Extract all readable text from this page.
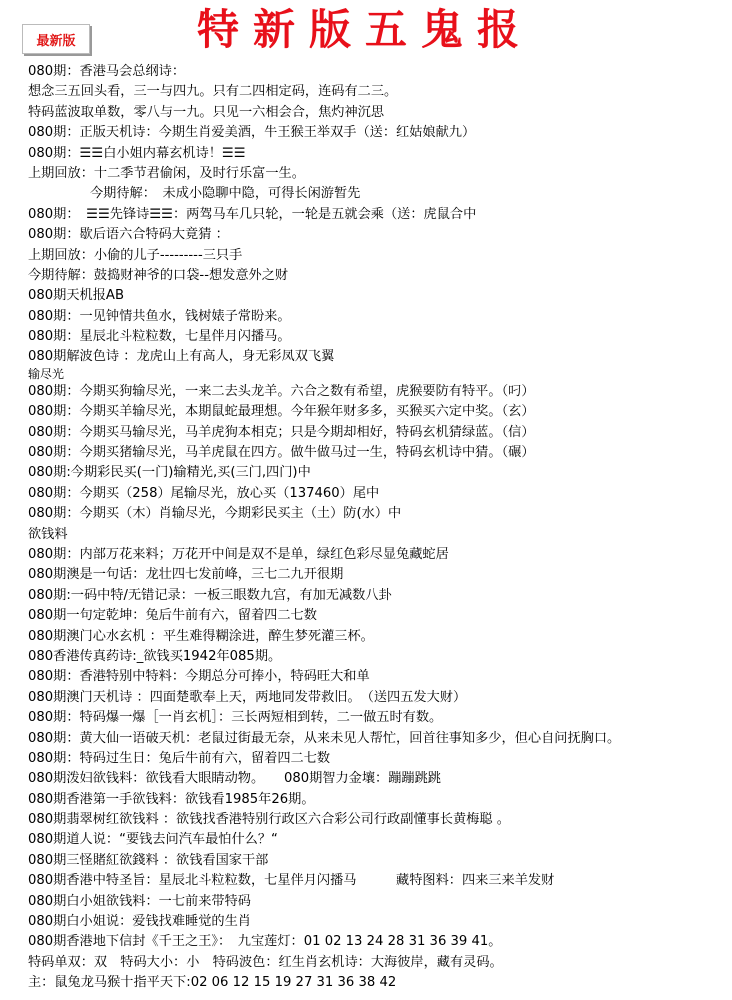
最新版	特新版五鬼报
080期：香港马会总纲诗：
想念三五回头看，三一与四九。只有二四相定码，连码有二三。
特码蓝波取单数，零八与一九。只见一六相会合，焦灼神沉思
080期：正版天机诗：今期生肖爱美酒，牛王猴王举双手（送：红姑娘献九）
080期：☰☰白小姐内幕玄机诗！☰☰
上期回放：十二季节君偷闲，及时行乐富一生。
今期待解：　未成小隐聊中隐，可得长闲游暂先
080期：　☰☰先锋诗☰☰：两驾马车几只轮，一轮是五就会乘（送：虎鼠合中
080期：歇后语六合特码大竟猜 ：
上期回放：小偷的儿子---------三只手
今期待解：鼓捣财神爷的口袋--想发意外之财
080期天机报AB
080期：一见钟情共鱼水，钱树婊子常盼来。
080期：星辰北斗粒粒数，七星伴月闪播马。
080期解波色诗 ：龙虎山上有高人，身无彩凤双飞翼
输尽光
080期：今期买狗输尽光，一来二去头龙羊。六合之数有希望，虎猴要防有特平。（叼）
080期：今期买羊输尽光，本期鼠蛇最理想。今年猴年财多多，买猴买六定中奖。（玄）
080期：今期买马输尽光，马羊虎狗本相克；只是今期却相好，特码玄机猜绿蓝。（信）
080期：今期买猪输尽光，马羊虎鼠在四方。做牛做马过一生，特码玄机诗中猜。（碾）
080期:今期彩民买(一门)输精光,买(三门,四门)中
080期：今期买（258）尾输尽光，放心买（137460）尾中
080期：今期买（木）肖输尽光，今期彩民买主（土）防(水）中
欲钱料
080期：内部万花来料；万花开中间是双不是单，绿红色彩尽显兔藏蛇居
080期澳是一句话：龙壮四七发前峰，三七二九开很期
080期:一码中特/无错记录：一板三眼数九宫，有加无减数八卦
080期一句定乾坤：兔后牛前有六，留着四二七数
080期澳门心水玄机 ：平生难得糊涂进，醉生梦死灌三杯。
080香港传真药诗:_欲钱买1942年085期。
080期：香港特别中特料：今期总分可捧小，特码旺大和单
080期澳门天机诗 ：四面楚歌奉上天，两地同发带救旧。　（送四五发大财）
080期：特码爆一爆［一肖玄机］：三长两短相到转，二一做五时有数。
080期：黄大仙一语破天机：老鼠过街最无奈，从来未见人帮忙，回首往事知多少，但心自问抚胸口。
080期：特码过生日：兔后牛前有六，留着四二七数
080期泼妇欲钱料：欲钱看大眼睛动物。　　080期智力金壤：蹦蹦跳跳
080期香港第一手欲钱料：欲钱看1985年26期。
080期翡翠树红欲钱料 ：欲钱找香港特别行政区六合彩公司行政副懂事长黄梅聪 。
080期道人说：“要钱去问汽车最怕什么？“
080期三怪賭紅欲錢料 ：欲钱看国家干部
080期香港中特圣旨：星辰北斗粒粒数，七星伴月闪播马　　　藏特图料：四来三来羊发财
080期白小姐欲钱料：一七前来带特码
080期白小姐说：爱钱找难睡觉的生肖
080期香港地下信封《千王之王》：　九宝莲灯：01 02 13 24 28 31 36 39 41。
特码单双：双　特码大小：小　特码波色：红生肖玄机诗：大海彼岸，藏有灵码。
主：鼠兔龙马猴十指平天下:02 06 12 15 19 27 31 36 38 42
